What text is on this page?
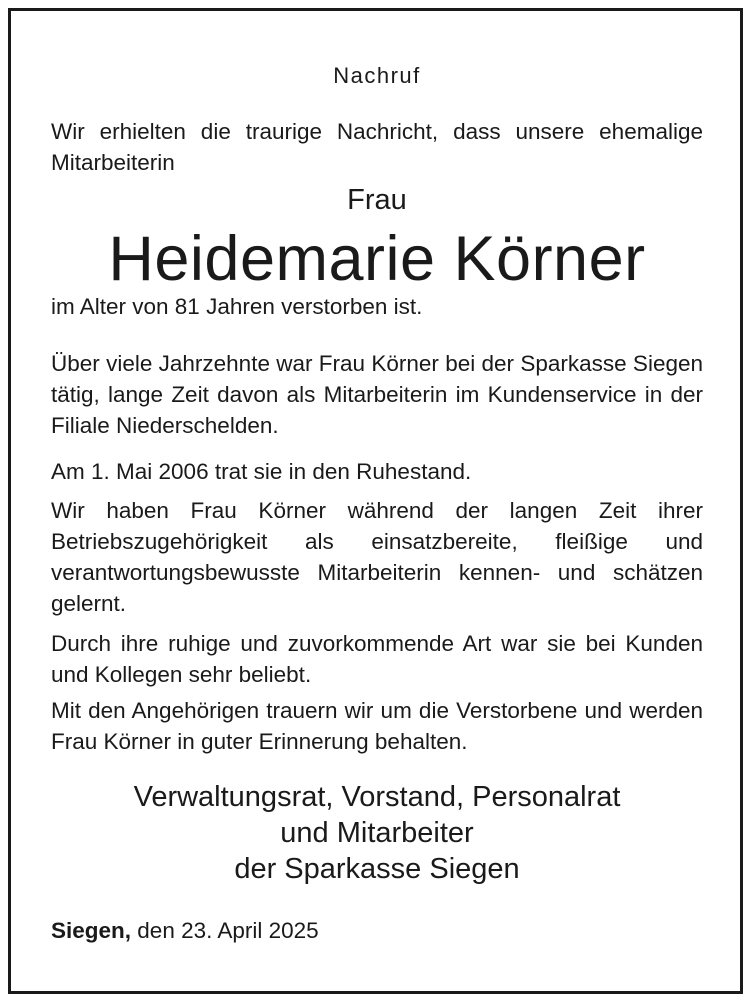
Nachruf
Wir erhielten die traurige Nachricht, dass unsere ehemalige Mitarbeiterin
Frau
Heidemarie Körner
im Alter von 81 Jahren verstorben ist.
Über viele Jahrzehnte war Frau Körner bei der Sparkasse Siegen tätig, lange Zeit davon als Mitarbeiterin im Kundenservice in der Filiale Niederschelden.
Am 1. Mai 2006 trat sie in den Ruhestand.
Wir haben Frau Körner während der langen Zeit ihrer Betriebszugehörigkeit als einsatzbereite, fleißige und verantwortungsbewusste Mitarbeiterin kennen- und schätzen gelernt.
Durch ihre ruhige und zuvorkommende Art war sie bei Kunden und Kollegen sehr beliebt.
Mit den Angehörigen trauern wir um die Verstorbene und werden Frau Körner in guter Erinnerung behalten.
Verwaltungsrat, Vorstand, Personalrat
und Mitarbeiter
der Sparkasse Siegen
Siegen, den 23. April 2025
